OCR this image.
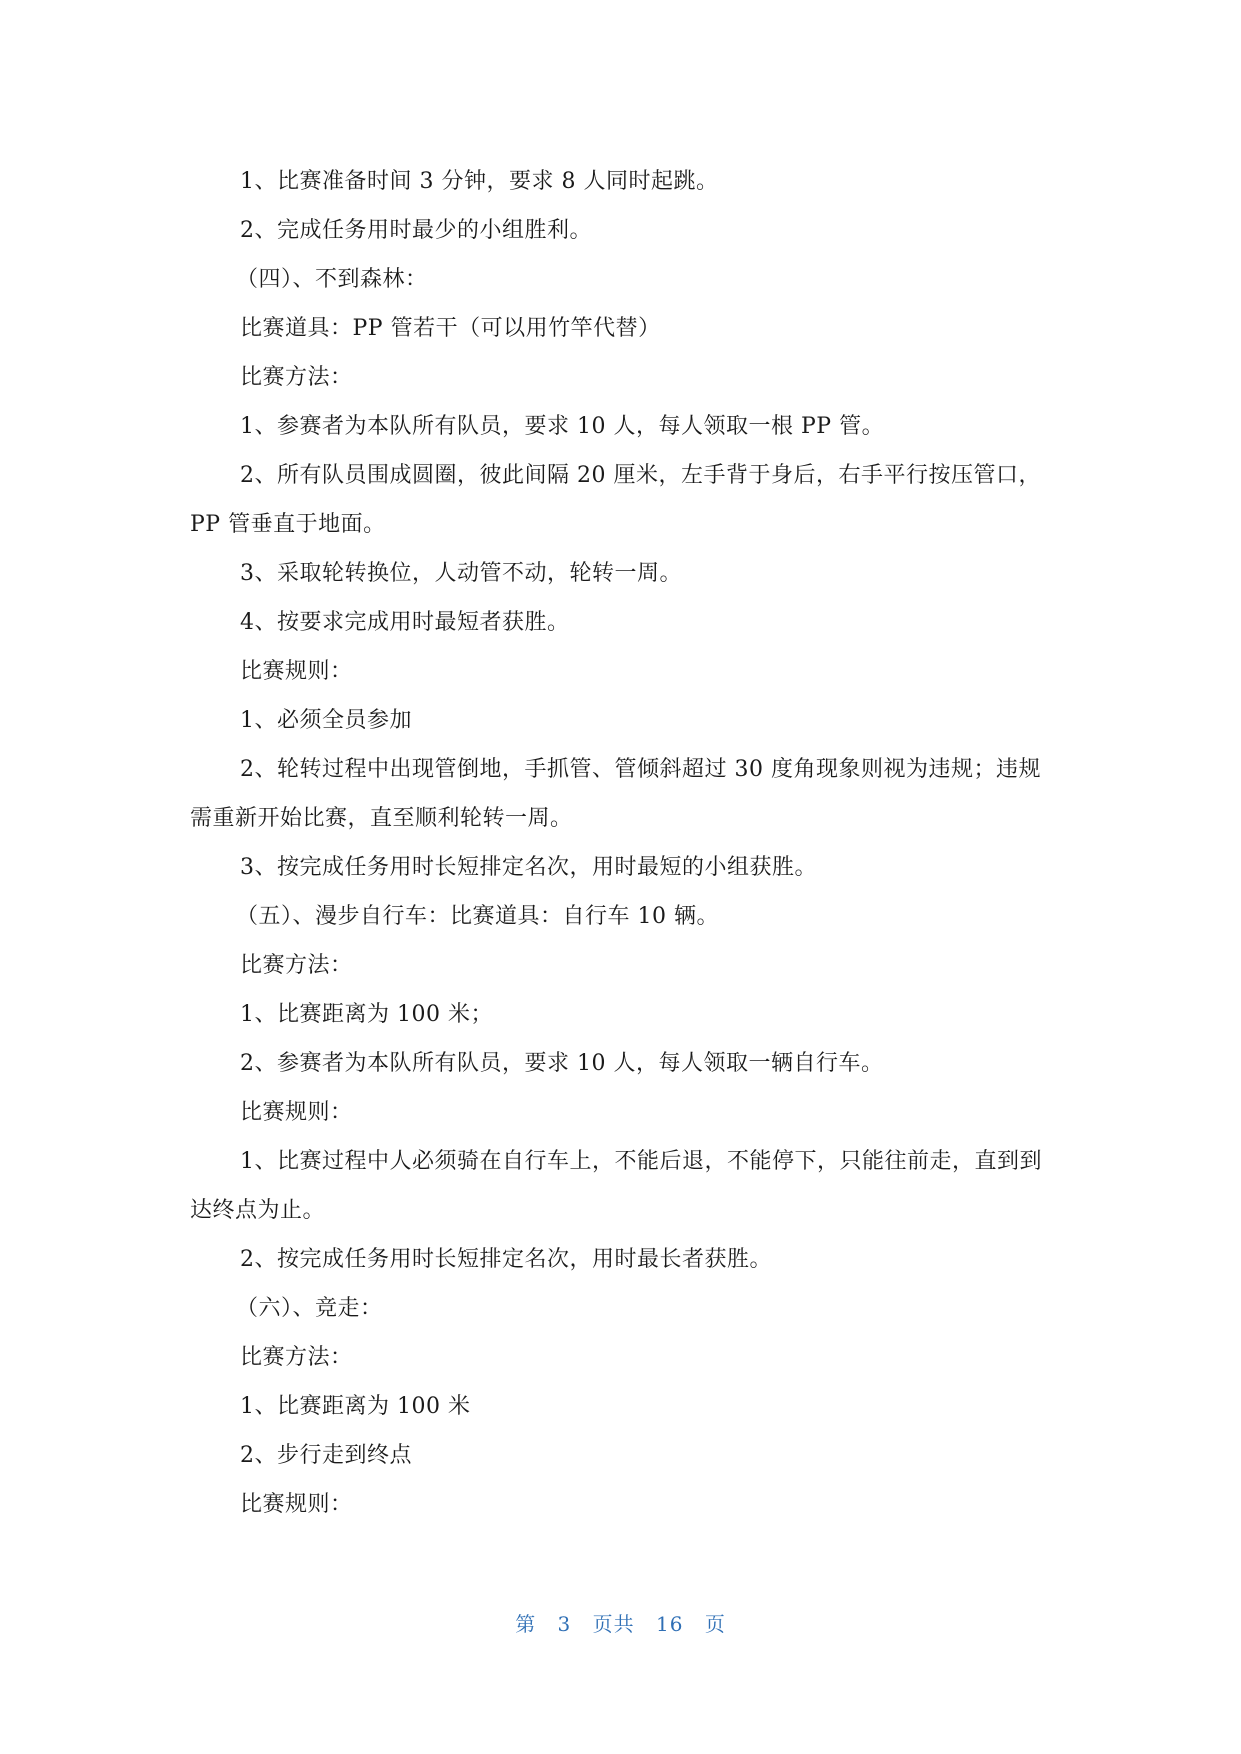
1、比赛准备时间 3 分钟，要求 8 人同时起跳。

2、完成任务用时最少的小组胜利。

（四）、不到森林：

比赛道具：PP 管若干（可以用竹竿代替）

比赛方法：

1、参赛者为本队所有队员，要求 10 人，每人领取一根 PP 管。

2、所有队员围成圆圈，彼此间隔 20 厘米，左手背于身后，右手平行按压管口，PP 管垂直于地面。

3、采取轮转换位，人动管不动，轮转一周。

4、按要求完成用时最短者获胜。

比赛规则：

1、必须全员参加

2、轮转过程中出现管倒地，手抓管、管倾斜超过 30 度角现象则视为违规；违规需重新开始比赛，直至顺利轮转一周。

3、按完成任务用时长短排定名次，用时最短的小组获胜。

（五）、漫步自行车：比赛道具：自行车 10 辆。

比赛方法：

1、比赛距离为 100 米；

2、参赛者为本队所有队员，要求 10 人，每人领取一辆自行车。

比赛规则：

1、比赛过程中人必须骑在自行车上，不能后退，不能停下，只能往前走，直到到达终点为止。

2、按完成任务用时长短排定名次，用时最长者获胜。

（六）、竞走：

比赛方法：

1、比赛距离为 100 米

2、步行走到终点

比赛规则：

第 3 页共 16 页
